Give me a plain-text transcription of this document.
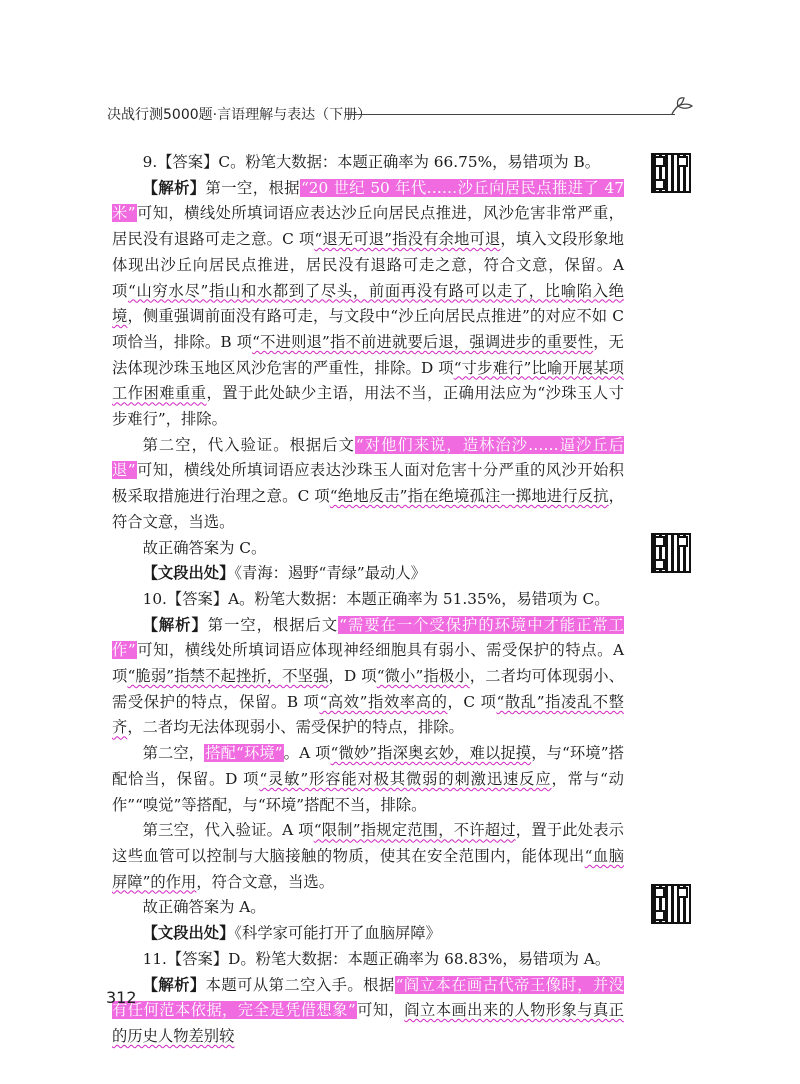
决战行测5000题·言语理解与表达（下册）

9.【答案】C。粉笔大数据：本题正确率为 66.75%，易错项为 B。

【解析】第一空，根据“20 世纪 50 年代……沙丘向居民点推进了 47 米”可知，横线处所填词语应表达沙丘向居民点推进，风沙危害非常严重，居民没有退路可走之意。C 项“退无可退”指没有余地可退，填入文段形象地体现出沙丘向居民点推进，居民没有退路可走之意，符合文意，保留。A 项“山穷水尽”指山和水都到了尽头，前面再没有路可以走了，比喻陷入绝境，侧重强调前面没有路可走，与文段中“沙丘向居民点推进”的对应不如 C 项恰当，排除。B 项“不进则退”指不前进就要后退，强调进步的重要性，无法体现沙珠玉地区风沙危害的严重性，排除。D 项“寸步难行”比喻开展某项工作困难重重，置于此处缺少主语，用法不当，正确用法应为“沙珠玉人寸步难行”，排除。

第二空，代入验证。根据后文“对他们来说，造林治沙……逼沙丘后退”可知，横线处所填词语应表达沙珠玉人面对危害十分严重的风沙开始积极采取措施进行治理之意。C 项“绝地反击”指在绝境孤注一掷地进行反抗，符合文意，当选。

故正确答案为 C。

【文段出处】《青海：遏野“青绿”最动人》

10.【答案】A。粉笔大数据：本题正确率为 51.35%，易错项为 C。

【解析】第一空，根据后文“需要在一个受保护的环境中才能正常工作”可知，横线处所填词语应体现神经细胞具有弱小、需受保护的特点。A 项“脆弱”指禁不起挫折，不坚强，D 项“微小”指极小，二者均可体现弱小、需受保护的特点，保留。B 项“高效”指效率高的，C 项“散乱”指凌乱不整齐，二者均无法体现弱小、需受保护的特点，排除。

第二空，搭配“环境”。A 项“微妙”指深奥玄妙，难以捉摸，与“环境”搭配恰当，保留。D 项“灵敏”形容能对极其微弱的刺激迅速反应，常与“动作”“嗅觉”等搭配，与“环境”搭配不当，排除。

第三空，代入验证。A 项“限制”指规定范围，不许超过，置于此处表示这些血管可以控制与大脑接触的物质，使其在安全范围内，能体现出“血脑屏障”的作用，符合文意，当选。

故正确答案为 A。

【文段出处】《科学家可能打开了血脑屏障》

11.【答案】D。粉笔大数据：本题正确率为 68.83%，易错项为 A。

【解析】本题可从第二空入手。根据“阎立本在画古代帝王像时，并没有任何范本依据，完全是凭借想象”可知，阎立本画出来的人物形象与真正的历史人物差别较

312
